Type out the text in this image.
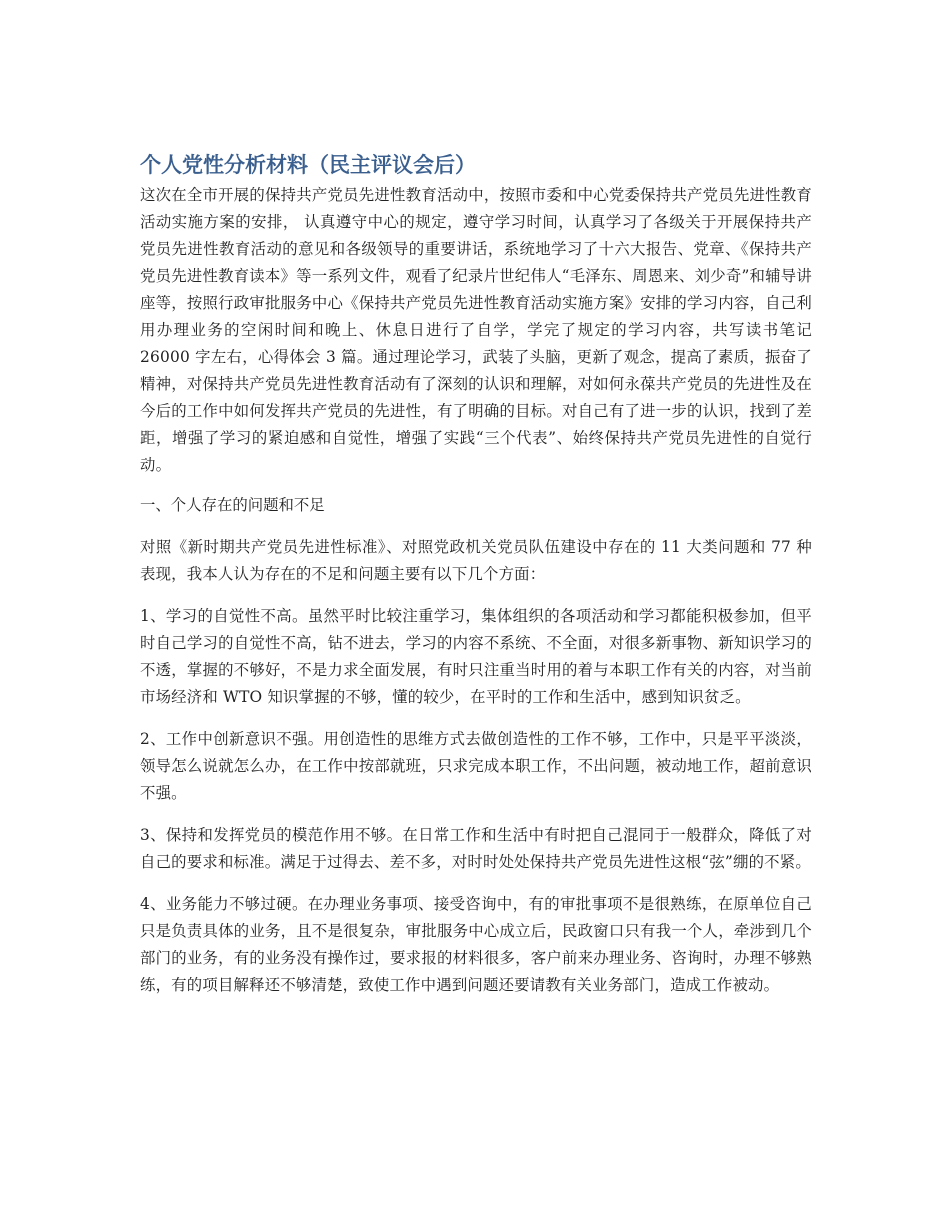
个人党性分析材料（民主评议会后）

这次在全市开展的保持共产党员先进性教育活动中，按照市委和中心党委保持共产党员先进性教育活动实施方案的安排， 认真遵守中心的规定，遵守学习时间，认真学习了各级关于开展保持共产党员先进性教育活动的意见和各级领导的重要讲话，系统地学习了十六大报告、党章、《保持共产党员先进性教育读本》等一系列文件，观看了纪录片世纪伟人“毛泽东、周恩来、刘少奇”和辅导讲座等，按照行政审批服务中心《保持共产党员先进性教育活动实施方案》安排的学习内容，自己利用办理业务的空闲时间和晚上、休息日进行了自学，学完了规定的学习内容，共写读书笔记 26000 字左右，心得体会 3 篇。通过理论学习，武装了头脑，更新了观念，提高了素质，振奋了精神，对保持共产党员先进性教育活动有了深刻的认识和理解，对如何永葆共产党员的先进性及在今后的工作中如何发挥共产党员的先进性，有了明确的目标。对自己有了进一步的认识，找到了差距，增强了学习的紧迫感和自觉性，增强了实践“三个代表”、始终保持共产党员先进性的自觉行动。

一、个人存在的问题和不足

对照《新时期共产党员先进性标准》、对照党政机关党员队伍建设中存在的 11 大类问题和 77 种表现，我本人认为存在的不足和问题主要有以下几个方面：

1、学习的自觉性不高。虽然平时比较注重学习，集体组织的各项活动和学习都能积极参加，但平时自己学习的自觉性不高，钻不进去，学习的内容不系统、不全面，对很多新事物、新知识学习的不透，掌握的不够好，不是力求全面发展，有时只注重当时用的着与本职工作有关的内容，对当前市场经济和 WTO 知识掌握的不够，懂的较少，在平时的工作和生活中，感到知识贫乏。

2、工作中创新意识不强。用创造性的思维方式去做创造性的工作不够，工作中，只是平平淡淡，领导怎么说就怎么办，在工作中按部就班，只求完成本职工作，不出问题，被动地工作，超前意识不强。

3、保持和发挥党员的模范作用不够。在日常工作和生活中有时把自己混同于一般群众，降低了对自己的要求和标准。满足于过得去、差不多，对时时处处保持共产党员先进性这根“弦”绷的不紧。

4、业务能力不够过硬。在办理业务事项、接受咨询中，有的审批事项不是很熟练，在原单位自己只是负责具体的业务，且不是很复杂，审批服务中心成立后，民政窗口只有我一个人，牵涉到几个部门的业务，有的业务没有操作过，要求报的材料很多，客户前来办理业务、咨询时，办理不够熟练，有的项目解释还不够清楚，致使工作中遇到问题还要请教有关业务部门，造成工作被动。
